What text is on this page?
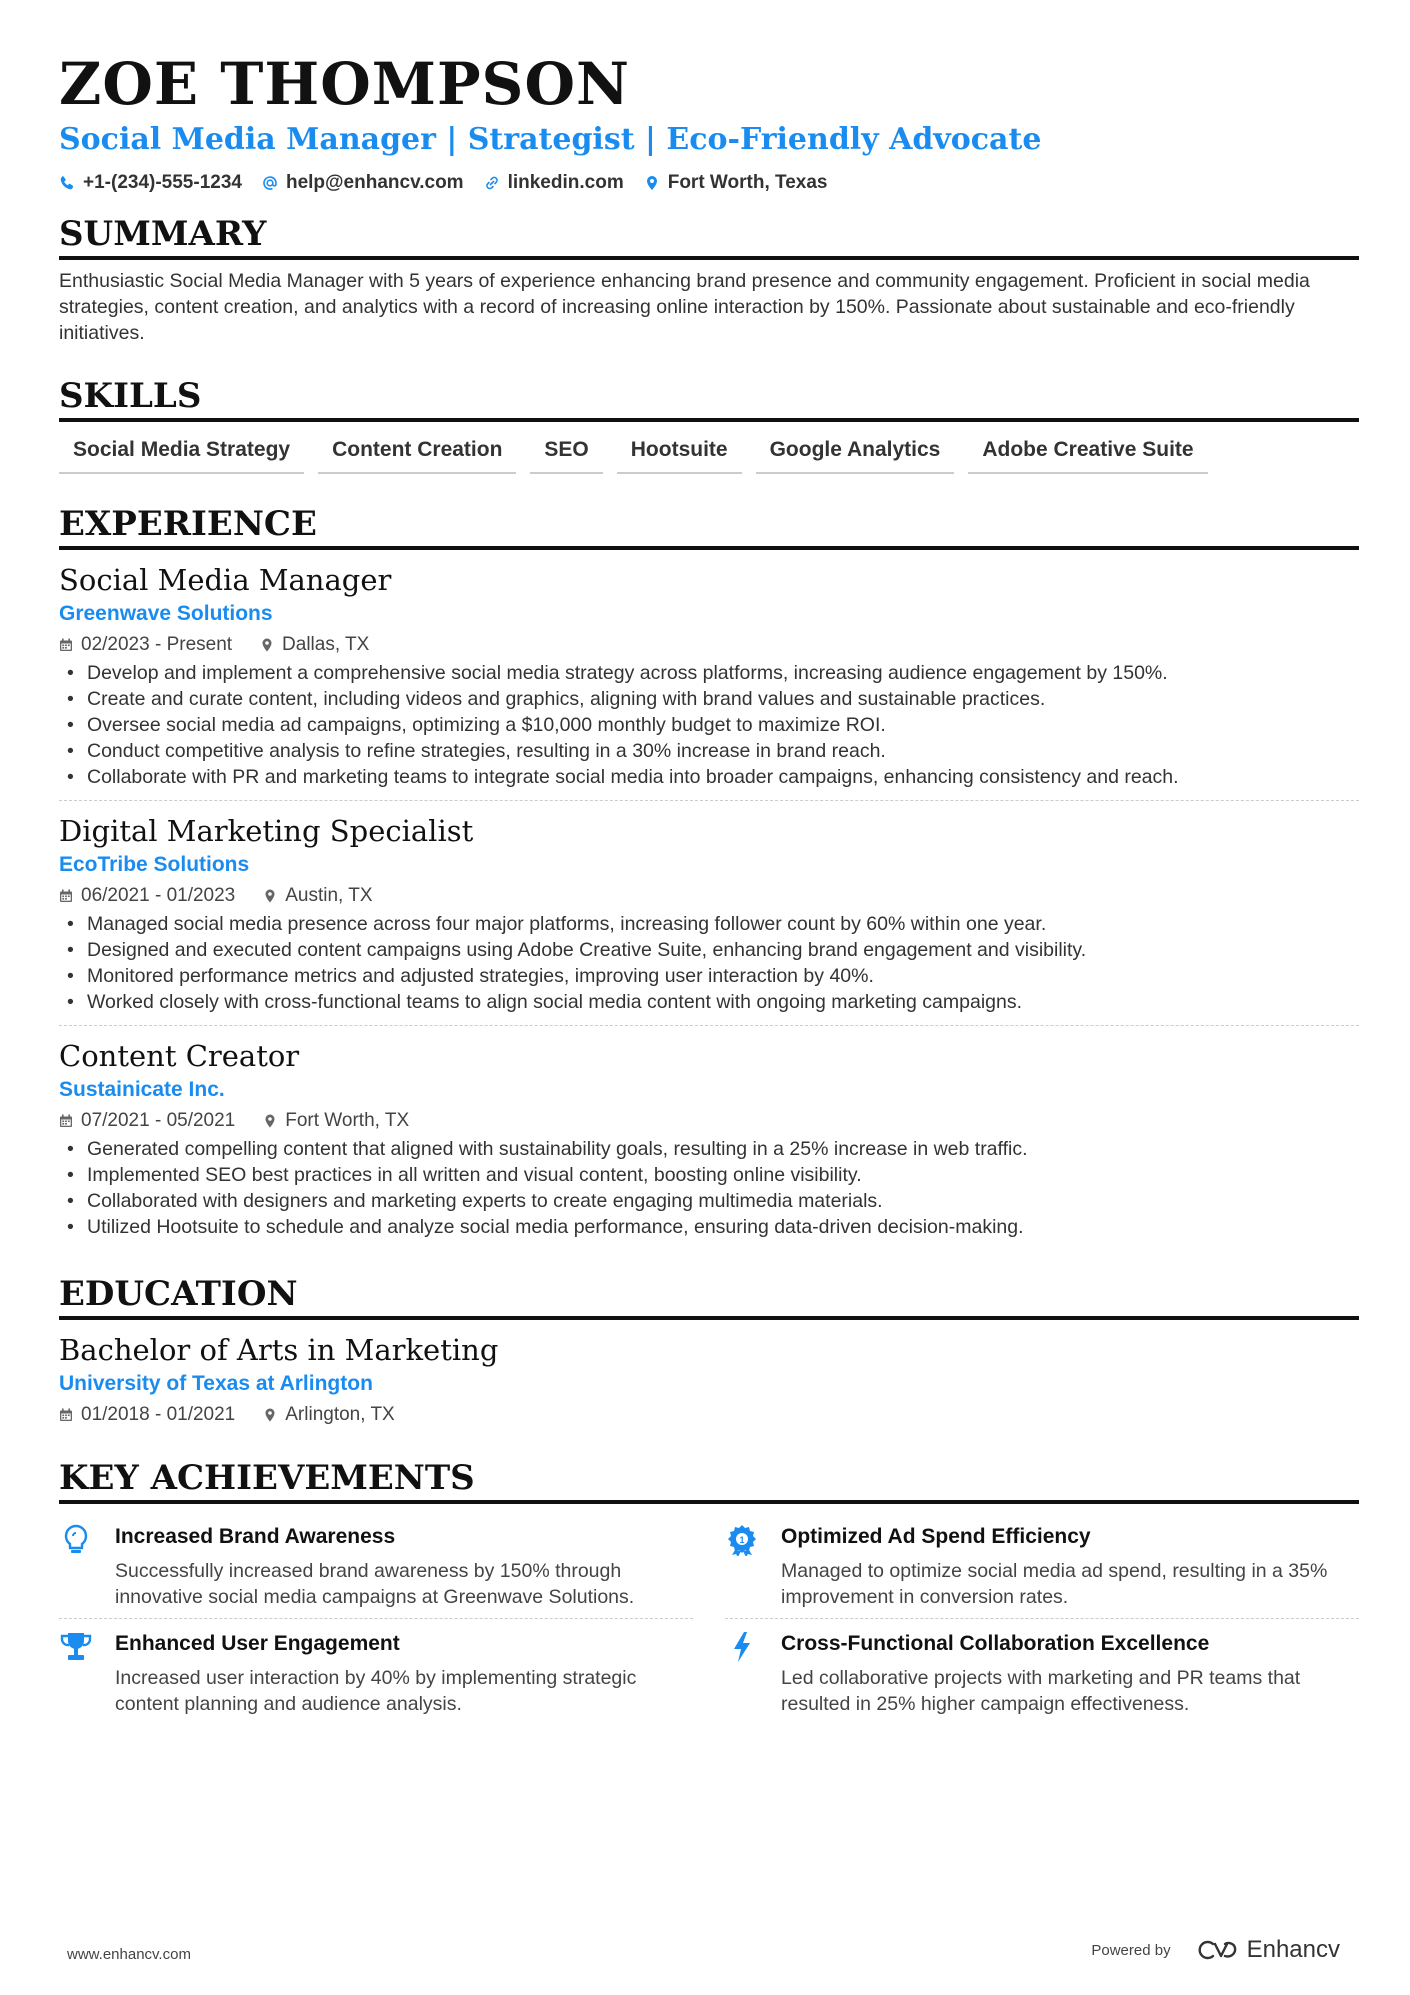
ZOE THOMPSON
Social Media Manager | Strategist | Eco-Friendly Advocate
+1-(234)-555-1234 help@enhancv.com linkedin.com Fort Worth, Texas
SUMMARY
Enthusiastic Social Media Manager with 5 years of experience enhancing brand presence and community engagement. Proficient in social media strategies, content creation, and analytics with a record of increasing online interaction by 150%. Passionate about sustainable and eco-friendly initiatives.
SKILLS
Social Media Strategy	Content Creation	SEO	Hootsuite	Google Analytics	Adobe Creative Suite
EXPERIENCE
Social Media Manager
Greenwave Solutions
02/2023 - Present	Dallas, TX
• Develop and implement a comprehensive social media strategy across platforms, increasing audience engagement by 150%.
• Create and curate content, including videos and graphics, aligning with brand values and sustainable practices.
• Oversee social media ad campaigns, optimizing a $10,000 monthly budget to maximize ROI.
• Conduct competitive analysis to refine strategies, resulting in a 30% increase in brand reach.
• Collaborate with PR and marketing teams to integrate social media into broader campaigns, enhancing consistency and reach.
Digital Marketing Specialist
EcoTribe Solutions
06/2021 - 01/2023	Austin, TX
• Managed social media presence across four major platforms, increasing follower count by 60% within one year.
• Designed and executed content campaigns using Adobe Creative Suite, enhancing brand engagement and visibility.
• Monitored performance metrics and adjusted strategies, improving user interaction by 40%.
• Worked closely with cross-functional teams to align social media content with ongoing marketing campaigns.
Content Creator
Sustainicate Inc.
07/2021 - 05/2021	Fort Worth, TX
• Generated compelling content that aligned with sustainability goals, resulting in a 25% increase in web traffic.
• Implemented SEO best practices in all written and visual content, boosting online visibility.
• Collaborated with designers and marketing experts to create engaging multimedia materials.
• Utilized Hootsuite to schedule and analyze social media performance, ensuring data-driven decision-making.
EDUCATION
Bachelor of Arts in Marketing
University of Texas at Arlington
01/2018 - 01/2021	Arlington, TX
KEY ACHIEVEMENTS
Increased Brand Awareness
Successfully increased brand awareness by 150% through innovative social media campaigns at Greenwave Solutions.
1 Optimized Ad Spend Efficiency
Managed to optimize social media ad spend, resulting in a 35% improvement in conversion rates.
Enhanced User Engagement
Increased user interaction by 40% by implementing strategic content planning and audience analysis.
Cross-Functional Collaboration Excellence
Led collaborative projects with marketing and PR teams that resulted in 25% higher campaign effectiveness.
www.enhancv.com	Powered by	Enhancv
